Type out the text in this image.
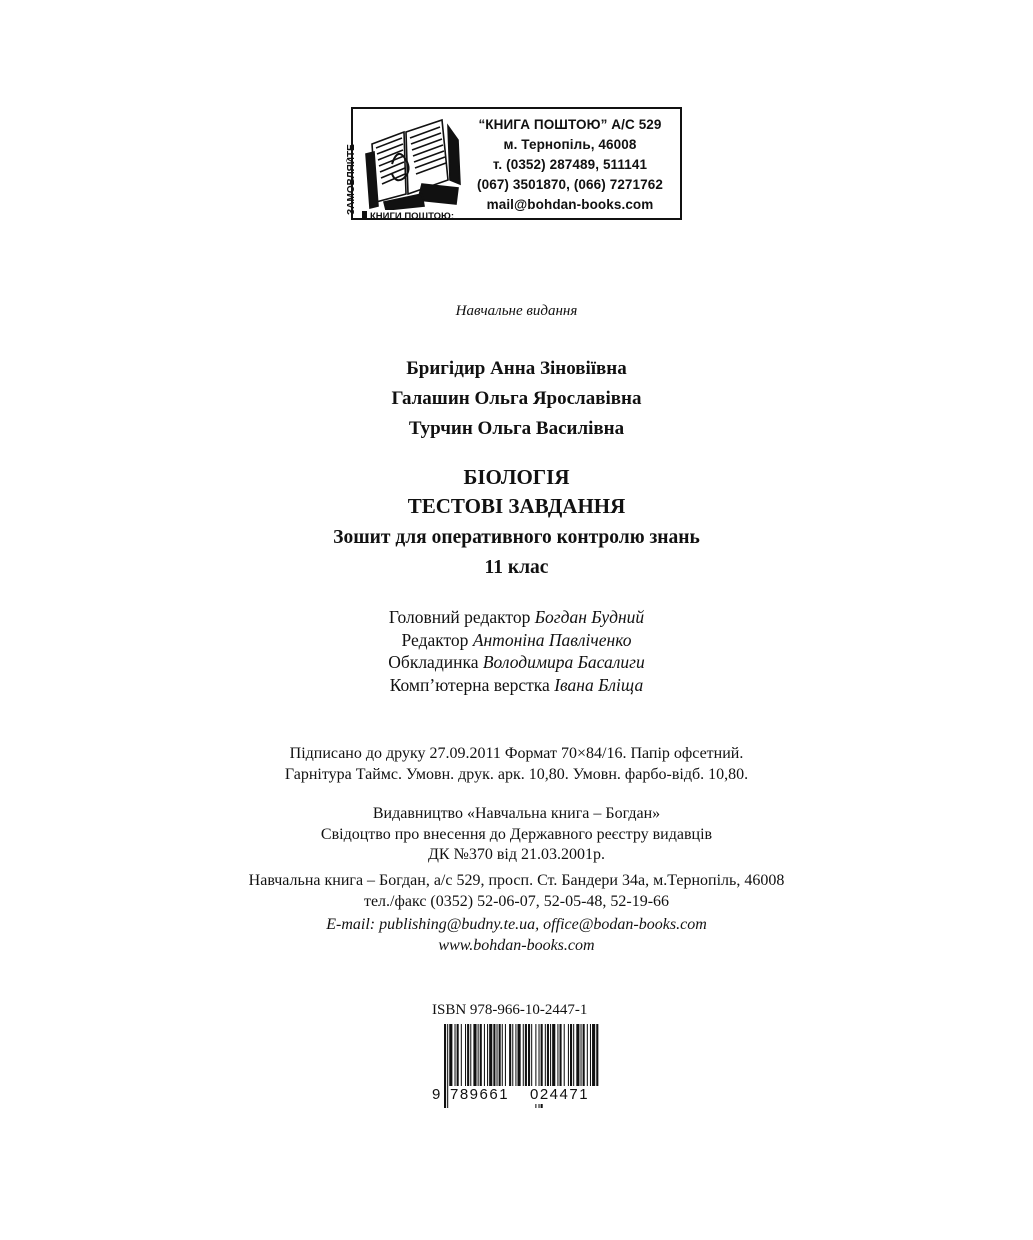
ЗАМОВЛЯЙТЕ
КНИГИ ПОШТОЮ:
“КНИГА ПОШТОЮ” А/С 529
м. Тернопіль, 46008
т. (0352) 287489, 511141
(067) 3501870, (066) 7271762
mail@bohdan-books.com
Навчальне видання
Бригідир Анна Зіновіївна
Галашин Ольга Ярославівна
Турчин Ольга Василівна
БІОЛОГІЯ
ТЕСТОВІ ЗАВДАННЯ
Зошит для оперативного контролю знань
11 клас
Головний редактор Богдан Будний
Редактор Антоніна Павліченко
Обкладинка Володимира Басалиги
Комп’ютерна верстка Івана Бліща
Підписано до друку 27.09.2011 Формат 70×84/16. Папір офсетний.
Гарнітура Таймс. Умовн. друк. арк. 10,80. Умовн. фарбо-відб. 10,80.
Видавництво «Навчальна книга – Богдан»
Свідоцтво про внесення до Державного реєстру видавців
ДК №370 від 21.03.2001р.
Навчальна книга – Богдан, а/с 529, просп. Ст. Бандери 34а, м.Тернопіль, 46008
тел./факс (0352) 52-06-07, 52-05-48, 52-19-66
E-mail: publishing@budny.te.ua, office@bodan-books.com
www.bohdan-books.com
ISBN 978-966-10-2447-1
9 789661 024471
